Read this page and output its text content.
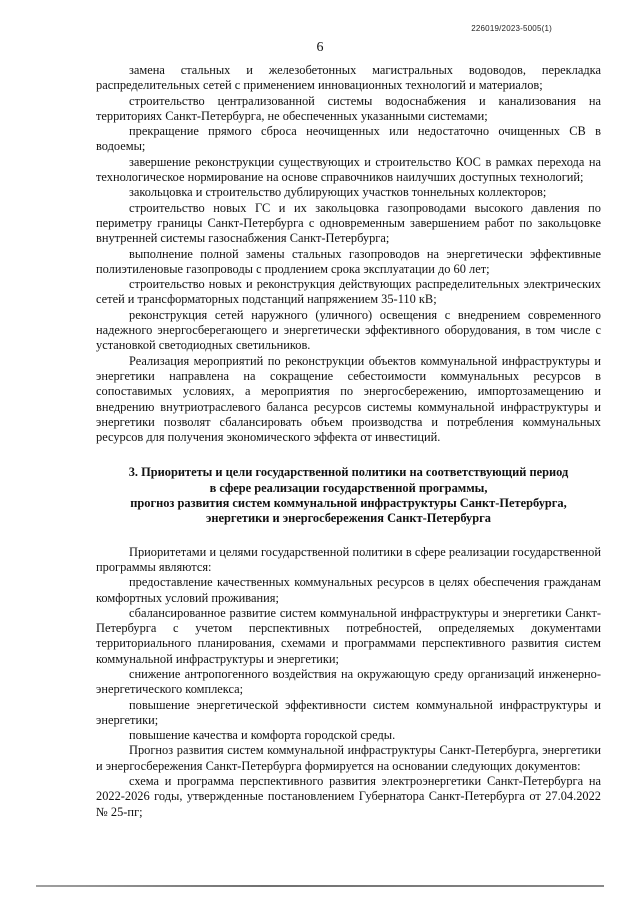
226019/2023-5005(1)
6

замена стальных и железобетонных магистральных водоводов, перекладка распределительных сетей с применением инновационных технологий и материалов;

строительство централизованной системы водоснабжения и канализования на территориях Санкт-Петербурга, не обеспеченных указанными системами;

прекращение прямого сброса неочищенных или недостаточно очищенных СВ в водоемы;

завершение реконструкции существующих и строительство КОС в рамках перехода на технологическое нормирование на основе справочников наилучших доступных технологий;

закольцовка и строительство дублирующих участков тоннельных коллекторов;

строительство новых ГС и их закольцовка газопроводами высокого давления по периметру границы Санкт-Петербурга с одновременным завершением работ по закольцовке внутренней системы газоснабжения Санкт-Петербурга;

выполнение полной замены стальных газопроводов на энергетически эффективные полиэтиленовые газопроводы с продлением срока эксплуатации до 60 лет;

строительство новых и реконструкция действующих распределительных электрических сетей и трансформаторных подстанций напряжением 35-110 кВ;

реконструкция сетей наружного (уличного) освещения с внедрением современного надежного энергосберегающего и энергетически эффективного оборудования, в том числе с установкой светодиодных светильников.

Реализация мероприятий по реконструкции объектов коммунальной инфраструктуры и энергетики направлена на сокращение себестоимости коммунальных ресурсов в сопоставимых условиях, а мероприятия по энергосбережению, импортозамещению и внедрению внутриотраслевого баланса ресурсов системы коммунальной инфраструктуры и энергетики позволят сбалансировать объем производства и потребления коммунальных ресурсов для получения экономического эффекта от инвестиций.

3. Приоритеты и цели государственной политики на соответствующий период
в сфере реализации государственной программы,
прогноз развития систем коммунальной инфраструктуры Санкт-Петербурга,
энергетики и энергосбережения Санкт-Петербурга

Приоритетами и целями государственной политики в сфере реализации государственной программы являются:

предоставление качественных коммунальных ресурсов в целях обеспечения гражданам комфортных условий проживания;

сбалансированное развитие систем коммунальной инфраструктуры и энергетики Санкт-Петербурга с учетом перспективных потребностей, определяемых документами территориального планирования, схемами и программами перспективного развития систем коммунальной инфраструктуры и энергетики;

снижение антропогенного воздействия на окружающую среду организаций инженерно-энергетического комплекса;

повышение энергетической эффективности систем коммунальной инфраструктуры и энергетики;

повышение качества и комфорта городской среды.

Прогноз развития систем коммунальной инфраструктуры Санкт-Петербурга, энергетики и энергосбережения Санкт-Петербурга формируется на основании следующих документов:

схема и программа перспективного развития электроэнергетики Санкт-Петербурга на 2022-2026 годы, утвержденные постановлением Губернатора Санкт-Петербурга от 27.04.2022 № 25-пг;
